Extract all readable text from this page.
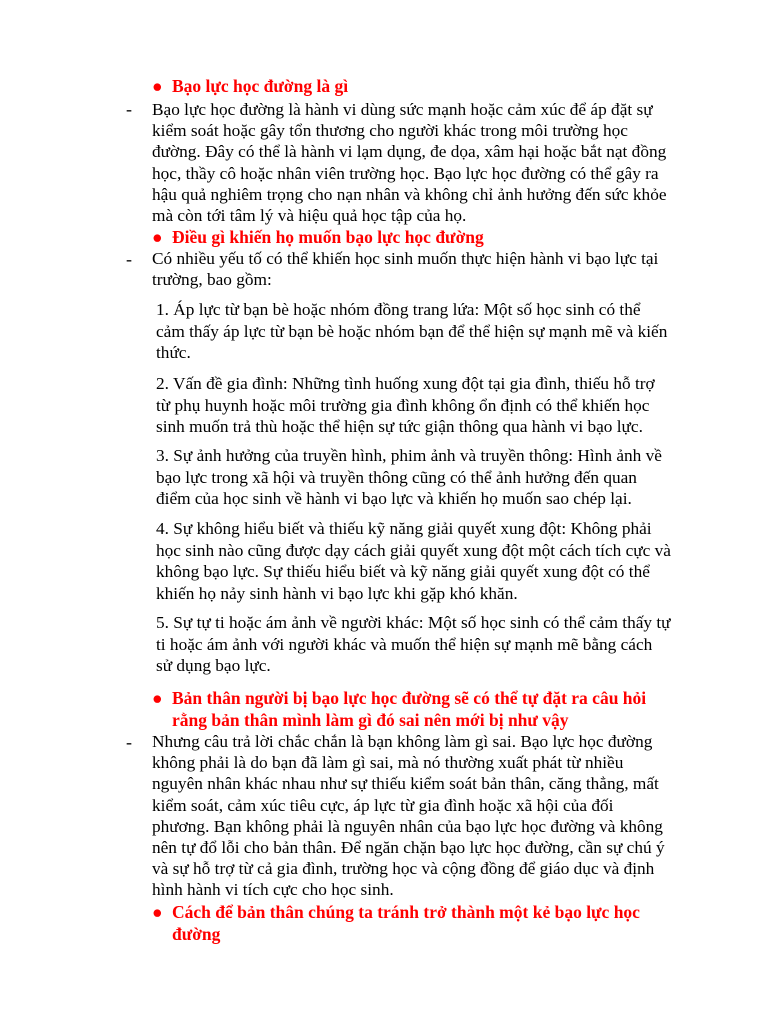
● Bạo lực học đường là gì
- Bạo lực học đường là hành vi dùng sức mạnh hoặc cảm xúc để áp đặt sự
kiểm soát hoặc gây tổn thương cho người khác trong môi trường học
đường. Đây có thể là hành vi lạm dụng, đe dọa, xâm hại hoặc bắt nạt đồng
học, thầy cô hoặc nhân viên trường học. Bạo lực học đường có thể gây ra
hậu quả nghiêm trọng cho nạn nhân và không chỉ ảnh hưởng đến sức khỏe
mà còn tới tâm lý và hiệu quả học tập của họ.
● Điều gì khiến họ muốn bạo lực học đường
- Có nhiều yếu tố có thể khiến học sinh muốn thực hiện hành vi bạo lực tại
trường, bao gồm:
1. Áp lực từ bạn bè hoặc nhóm đồng trang lứa: Một số học sinh có thể
cảm thấy áp lực từ bạn bè hoặc nhóm bạn để thể hiện sự mạnh mẽ và kiến
thức.
2. Vấn đề gia đình: Những tình huống xung đột tại gia đình, thiếu hỗ trợ
từ phụ huynh hoặc môi trường gia đình không ổn định có thể khiến học
sinh muốn trả thù hoặc thể hiện sự tức giận thông qua hành vi bạo lực.
3. Sự ảnh hưởng của truyền hình, phim ảnh và truyền thông: Hình ảnh về
bạo lực trong xã hội và truyền thông cũng có thể ảnh hưởng đến quan
điểm của học sinh về hành vi bạo lực và khiến họ muốn sao chép lại.
4. Sự không hiểu biết và thiếu kỹ năng giải quyết xung đột: Không phải
học sinh nào cũng được dạy cách giải quyết xung đột một cách tích cực và
không bạo lực. Sự thiếu hiểu biết và kỹ năng giải quyết xung đột có thể
khiến họ nảy sinh hành vi bạo lực khi gặp khó khăn.
5. Sự tự ti hoặc ám ảnh về người khác: Một số học sinh có thể cảm thấy tự
ti hoặc ám ảnh với người khác và muốn thể hiện sự mạnh mẽ bằng cách
sử dụng bạo lực.
● Bản thân người bị bạo lực học đường sẽ có thể tự đặt ra câu hỏi
rằng bản thân mình làm gì đó sai nên mới bị như vậy
- Nhưng câu trả lời chắc chắn là bạn không làm gì sai. Bạo lực học đường
không phải là do bạn đã làm gì sai, mà nó thường xuất phát từ nhiều
nguyên nhân khác nhau như sự thiếu kiểm soát bản thân, căng thẳng, mất
kiểm soát, cảm xúc tiêu cực, áp lực từ gia đình hoặc xã hội của đối
phương. Bạn không phải là nguyên nhân của bạo lực học đường và không
nên tự đổ lỗi cho bản thân. Để ngăn chặn bạo lực học đường, cần sự chú ý
và sự hỗ trợ từ cả gia đình, trường học và cộng đồng để giáo dục và định
hình hành vi tích cực cho học sinh.
● Cách để bản thân chúng ta tránh trở thành một kẻ bạo lực học
đường
